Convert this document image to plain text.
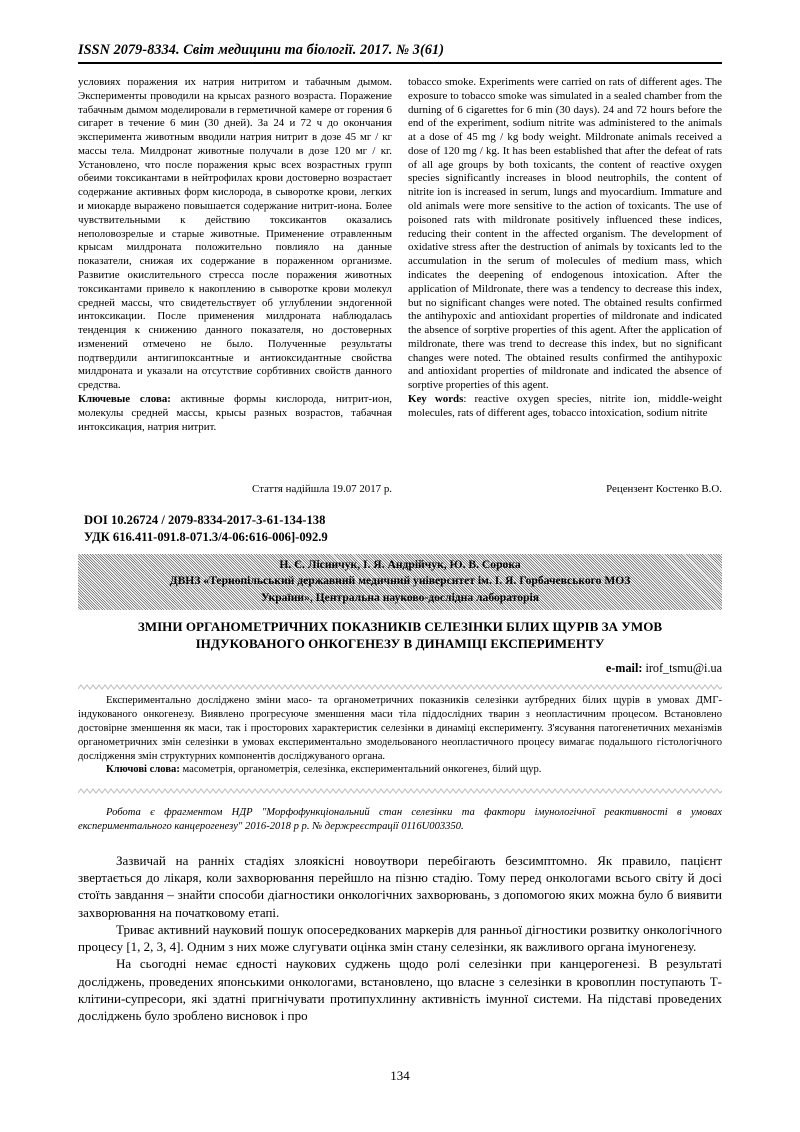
ISSN 2079-8334. Світ медицини та біології. 2017. № 3(61)

условиях поражения их натрия нитритом и табачным дымом. Эксперименты проводили на крысах разного возраста. Поражение табачным дымом моделировали в герметичной камере от горения 6 сигарет в течение 6 мин (30 дней). За 24 и 72 ч до окончания эксперимента животным вводили натрия нитрит в дозе 45 мг / кг массы тела. Милдронат животные получали в дозе 120 мг / кг. Установлено, что после поражения крыс всех возрастных групп обеими токсикантами в нейтрофилах крови достоверно возрастает содержание активных форм кислорода, в сыворотке крови, легких и миокарде выражено повышается содержание нитрит-иона. Более чувствительными к действию токсикантов оказались неполовозрелые и старые животные. Применение отравленным крысам милдроната положительно повлияло на данные показатели, снижая их содержание в пораженном организме. Развитие окислительного стресса после поражения животных токсикантами привело к накоплению в сыворотке крови молекул средней массы, что свидетельствует об углублении эндогенной интоксикации. После применения милдроната наблюдалась тенденция к снижению данного показателя, но достоверных изменений отмечено не было. Полученные результаты подтвердили антигипоксантные и антиоксидантные свойства милдроната и указали на отсутствие сорбтивних свойств данного средства.

Ключевые слова: активные формы кислорода, нитрит-ион, молекулы средней массы, крысы разных возрастов, табачная интоксикация, натрия нитрит.

tobacco smoke. Experiments were carried on rats of different ages. The exposure to tobacco smoke was simulated in a sealed chamber from the durning of 6 cigarettes for 6 min (30 days). 24 and 72 hours before the end of the experiment, sodium nitrite was administered to the animals at a dose of 45 mg / kg body weight. Mildronate animals received a dose of 120 mg / kg. It has been established that after the defeat of rats of all age groups by both toxicants, the content of reactive oxygen species significantly increases in blood neutrophils, the content of nitrite ion is increased in serum, lungs and myocardium. Immature and old animals were more sensitive to the action of toxicants. The use of poisoned rats with mildronate positively influenced these indices, reducing their content in the affected organism. The development of oxidative stress after the destruction of animals by toxicants led to the accumulation in the serum of molecules of medium mass, which indicates the deepening of endogenous intoxication. After the application of Mildronate, there was a tendency to decrease this index, but no significant changes were noted. The obtained results confirmed the antihypoxic and antioxidant properties of mildronate and indicated the absence of sorptive properties of this agent. After the application of mildronate, there was trend to decrease this index, but no significant changes were noted. The obtained results confirmed the antihypoxic and antioxidant properties of mildronate and indicated the absence of sorptive properties of this agent.

Key words: reactive oxygen species, nitrite ion, middle-weight molecules, rats of different ages, tobacco intoxication, sodium nitrite

Стаття надійшла 19.07 2017 р.	Рецензент Костенко В.О.
DOI 10.26724 / 2079-8334-2017-3-61-134-138
УДК 616.411-091.8-071.3/4-06:616-006]-092.9
Н. Є. Лісничук, І. Я. Андрійчук, Ю. В. Сорока
ДВНЗ «Тернопільський державний медичний університет ім. І. Я. Горбачевського МОЗ
України», Центральна науково-дослідна лабораторія
ЗМІНИ ОРГАНОМЕТРИЧНИХ ПОКАЗНИКІВ СЕЛЕЗІНКИ БІЛИХ ЩУРІВ ЗА УМОВ
ІНДУКОВАНОГО ОНКОГЕНЕЗУ В ДИНАМІЦІ ЕКСПЕРИМЕНТУ
e-mail: irof_tsmu@i.ua

Експериментально досліджено зміни масо- та органометричних показників селезінки аутбредних білих щурів в умовах ДМГ-індукованого онкогенезу. Виявлено прогресуюче зменшення маси тіла піддослідних тварин з неопластичним процесом. Встановлено достовірне зменшення як маси, так і просторових характеристик селезінки в динаміці експерименту. З'ясування патогенетичних механізмів органометричних змін селезінки в умовах експериментально змодельованого неопластичного процесу вимагає подальшого гістологічного дослідження змін структурних компонентів досліджуваного органа.

Ключові слова: масометрія, органометрія, селезінка, експериментальний онкогенез, білий щур.

Робота є фрагментом НДР "Морфофункціональний стан селезінки та фактори імунологічної реактивності в умовах експериментального канцерогенезу" 2016-2018 р р. № держреєстрації 0116U003350.

Зазвичай на ранніх стадіях злоякісні новоутвори перебігають безсимптомно. Як правило, пацієнт звертається до лікаря, коли захворювання перейшло на пізню стадію. Тому перед онкологами всього світу й досі стоїть завдання – знайти способи діагностики онкологічних захворювань, з допомогою яких можна було б виявити захворювання на початковому етапі.

Триває активний науковий пошук опосередкованих маркерів для ранньої дігностики розвитку онкологічного процесу [1, 2, 3, 4]. Одним з них може слугувати оцінка змін стану селезінки, як важливого органа імуногенезу.

На сьогодні немає єдності наукових суджень щодо ролі селезінки при канцерогенезі. В результаті досліджень, проведених японськими онкологами, встановлено, що власне з селезінки в кровоплин поступають Т-клітини-супресори, які здатні пригнічувати протипухлинну активність імунної системи. На підставі проведених досліджень було зроблено висновок і про

134
